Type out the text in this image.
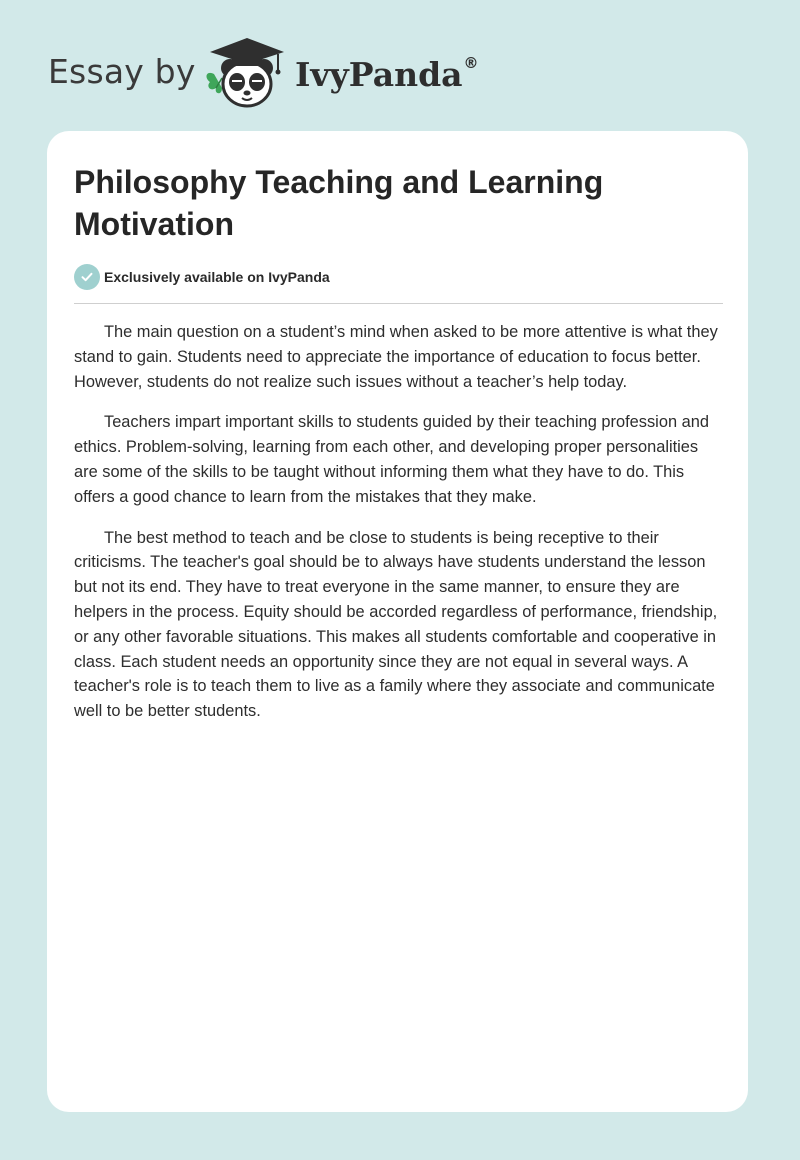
Essay by	IvyPanda®
Philosophy Teaching and Learning Motivation
Exclusively available on IvyPanda

The main question on a student’s mind when asked to be more attentive is what they stand to gain. Students need to appreciate the importance of education to focus better. However, students do not realize such issues without a teacher’s help today.

Teachers impart important skills to students guided by their teaching profession and ethics. Problem-solving, learning from each other, and developing proper personalities are some of the skills to be taught without informing them what they have to do. This offers a good chance to learn from the mistakes that they make.

The best method to teach and be close to students is being receptive to their criticisms. The teacher's goal should be to always have students understand the lesson but not its end. They have to treat everyone in the same manner, to ensure they are helpers in the process. Equity should be accorded regardless of performance, friendship, or any other favorable situations. This makes all students comfortable and cooperative in class. Each student needs an opportunity since they are not equal in several ways. A teacher's role is to teach them to live as a family where they associate and communicate well to be better students.
